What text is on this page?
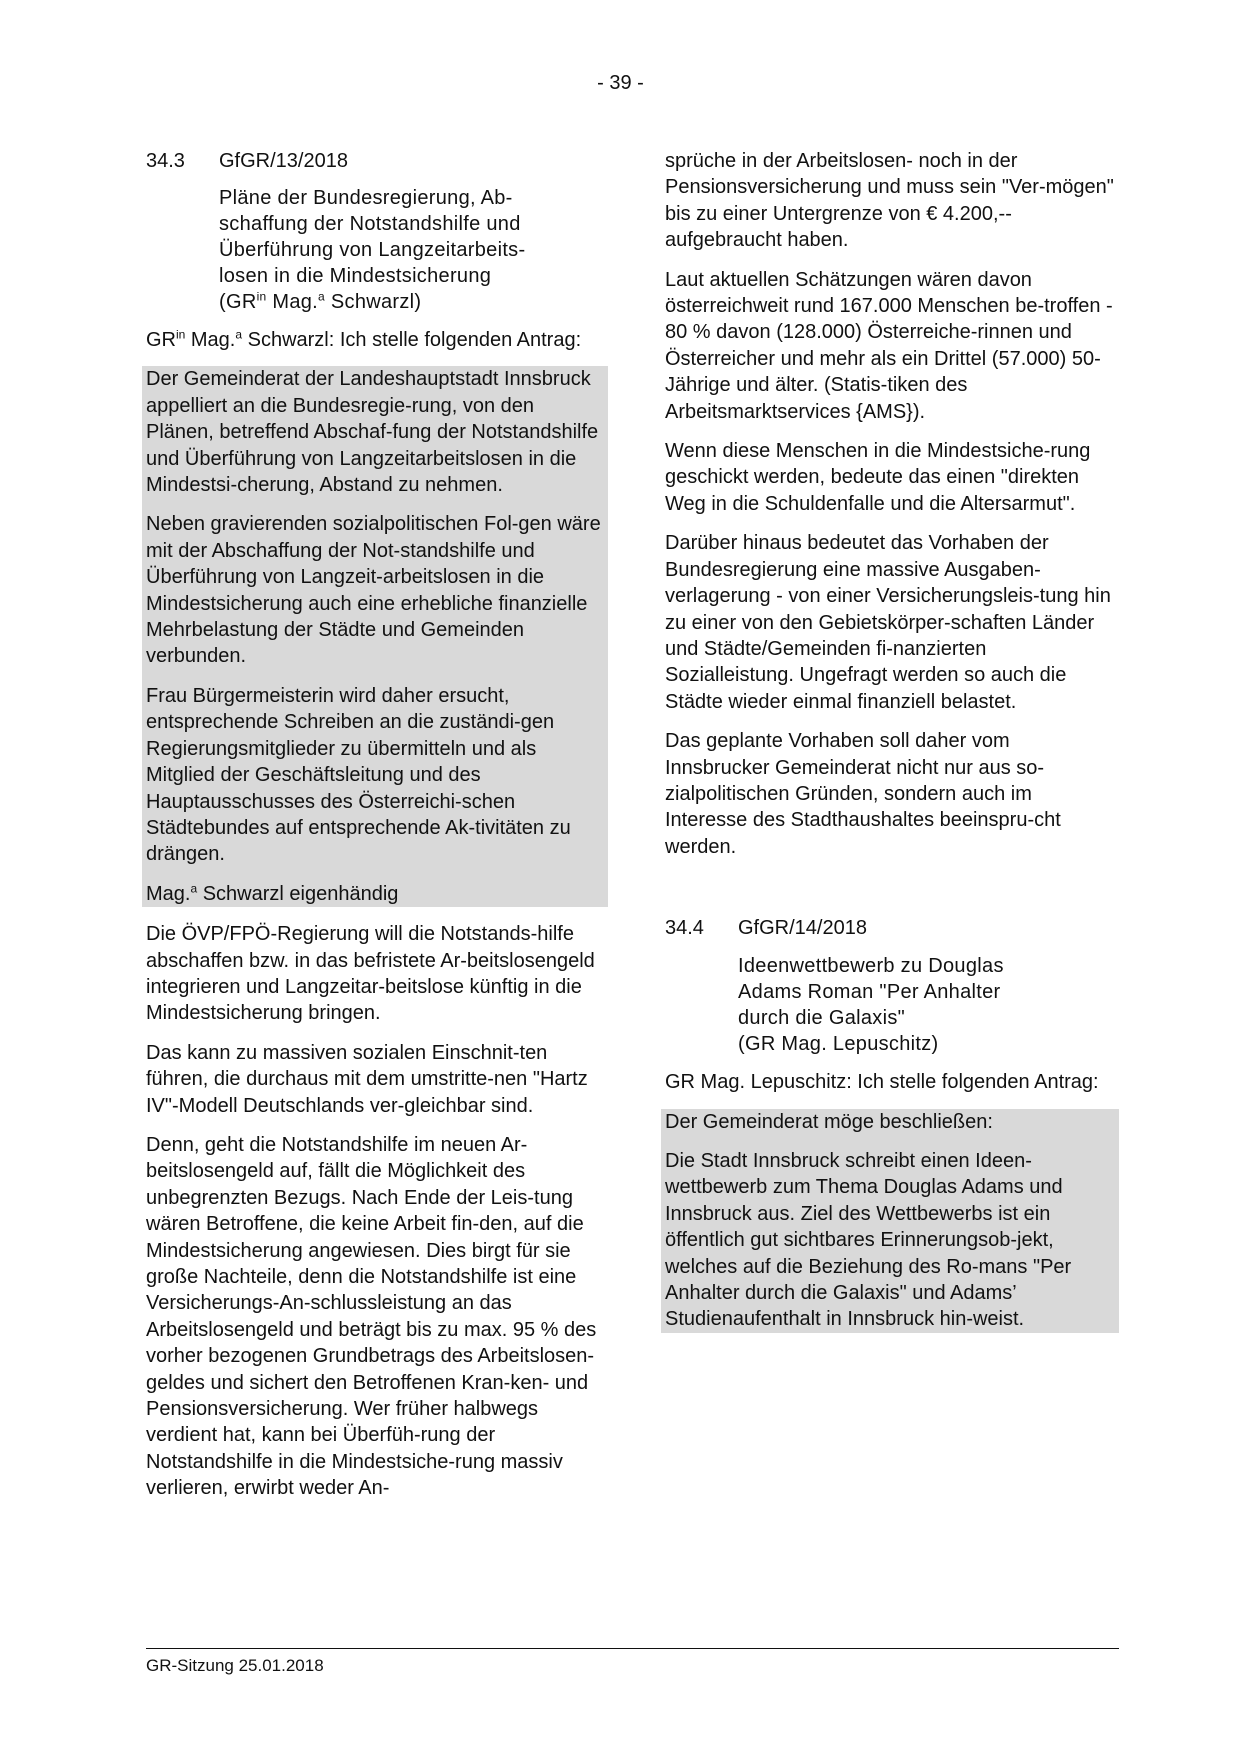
- 39 -
34.3	GfGR/13/2018
Pläne der Bundesregierung, Ab-
schaffung der Notstandshilfe und
Überführung von Langzeitarbeits-
losen in die Mindestsicherung
($GR^{in}$ Mag.$^a$ Schwarzl)

$GR^{in}$ Mag.$^a$ Schwarzl: Ich stelle folgenden Antrag:

Der Gemeinderat der Landeshauptstadt Innsbruck appelliert an die Bundesregie-rung, von den Plänen, betreffend Abschaf-fung der Notstandshilfe und Überführung von Langzeitarbeitslosen in die Mindestsi-cherung, Abstand zu nehmen.

Neben gravierenden sozialpolitischen Fol-gen wäre mit der Abschaffung der Not-standshilfe und Überführung von Langzeit-arbeitslosen in die Mindestsicherung auch eine erhebliche finanzielle Mehrbelastung der Städte und Gemeinden verbunden.

Frau Bürgermeisterin wird daher ersucht, entsprechende Schreiben an die zuständi-gen Regierungsmitglieder zu übermitteln und als Mitglied der Geschäftsleitung und des Hauptausschusses des Österreichi-schen Städtebundes auf entsprechende Ak-tivitäten zu drängen.

Mag.$^a$ Schwarzl eigenhändig

Die ÖVP/FPÖ-Regierung will die Notstands-hilfe abschaffen bzw. in das befristete Ar-beitslosengeld integrieren und Langzeitar-beitslose künftig in die Mindestsicherung bringen.

Das kann zu massiven sozialen Einschnit-ten führen, die durchaus mit dem umstritte-nen "Hartz IV"-Modell Deutschlands ver-gleichbar sind.

Denn, geht die Notstandshilfe im neuen Ar-beitslosengeld auf, fällt die Möglichkeit des unbegrenzten Bezugs. Nach Ende der Leis-tung wären Betroffene, die keine Arbeit fin-den, auf die Mindestsicherung angewiesen. Dies birgt für sie große Nachteile, denn die Notstandshilfe ist eine Versicherungs-An-schlussleistung an das Arbeitslosengeld und beträgt bis zu max. 95 % des vorher bezogenen Grundbetrags des Arbeitslosen-geldes und sichert den Betroffenen Kran-ken- und Pensionsversicherung. Wer früher halbwegs verdient hat, kann bei Überfüh-rung der Notstandshilfe in die Mindestsiche-rung massiv verlieren, erwirbt weder An-

sprüche in der Arbeitslosen- noch in der Pensionsversicherung und muss sein "Ver-mögen" bis zu einer Untergrenze von € 4.200,-- aufgebraucht haben.

Laut aktuellen Schätzungen wären davon österreichweit rund 167.000 Menschen be-troffen - 80 % davon (128.000) Österreiche-rinnen und Österreicher und mehr als ein Drittel (57.000) 50-Jährige und älter. (Statis-tiken des Arbeitsmarktservices {AMS}).

Wenn diese Menschen in die Mindestsiche-rung geschickt werden, bedeute das einen "direkten Weg in die Schuldenfalle und die Altersarmut".

Darüber hinaus bedeutet das Vorhaben der Bundesregierung eine massive Ausgaben-verlagerung - von einer Versicherungsleis-tung hin zu einer von den Gebietskörper-schaften Länder und Städte/Gemeinden fi-nanzierten Sozialleistung. Ungefragt werden so auch die Städte wieder einmal finanziell belastet.

Das geplante Vorhaben soll daher vom Innsbrucker Gemeinderat nicht nur aus so-zialpolitischen Gründen, sondern auch im Interesse des Stadthaushaltes beeinspru-cht werden.

34.4	GfGR/14/2018
Ideenwettbewerb zu Douglas
Adams Roman "Per Anhalter
durch die Galaxis"
(GR Mag. Lepuschitz)

GR Mag. Lepuschitz: Ich stelle folgenden Antrag:

Der Gemeinderat möge beschließen:

Die Stadt Innsbruck schreibt einen Ideen-wettbewerb zum Thema Douglas Adams und Innsbruck aus. Ziel des Wettbewerbs ist ein öffentlich gut sichtbares Erinnerungsob-jekt, welches auf die Beziehung des Ro-mans "Per Anhalter durch die Galaxis" und Adams’ Studienaufenthalt in Innsbruck hin-weist.

GR-Sitzung 25.01.2018
